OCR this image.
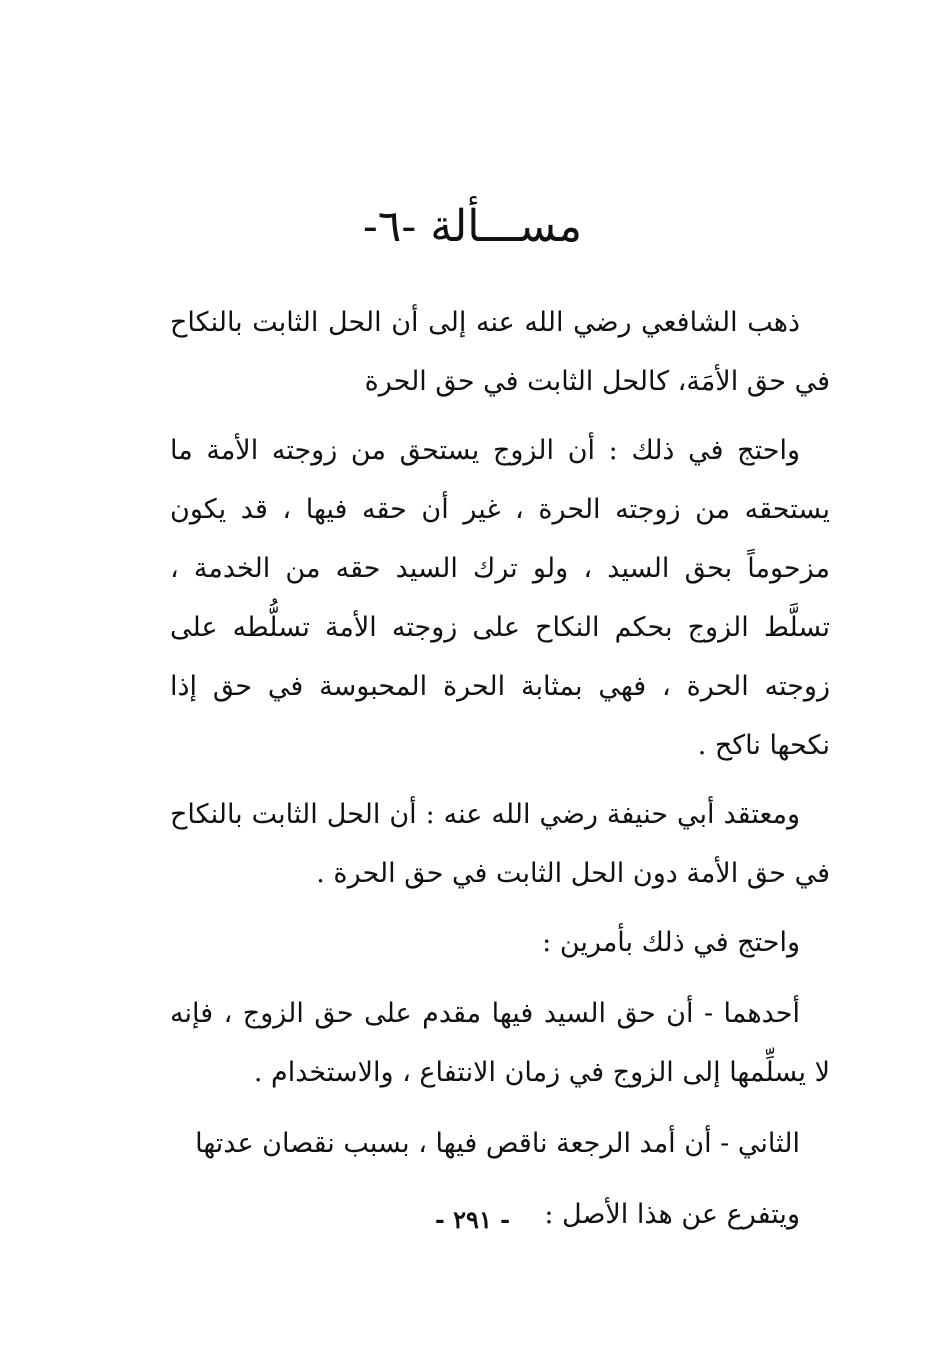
مســـألة -٦-

ذهب الشافعي رضي الله عنه إلى أن الحل الثابت بالنكاح في حق الأمَة، كالحل الثابت في حق الحرة

واحتج في ذلك : أن الزوج يستحق من زوجته الأمة ما يستحقه من زوجته الحرة ، غير أن حقه فيها ، قد يكون مزحوماً بحق السيد ، ولو ترك السيد حقه من الخدمة ، تسلَّط الزوج بحكم النكاح على زوجته الأمة تسلُّطه على زوجته الحرة ، فهي بمثابة الحرة المحبوسة في حق إذا نكحها ناكح .

ومعتقد أبي حنيفة رضي الله عنه : أن الحل الثابت بالنكاح في حق الأمة دون الحل الثابت في حق الحرة .

واحتج في ذلك بأمرين :

أحدهما - أن حق السيد فيها مقدم على حق الزوج ، فإنه لا يسلِّمها إلى الزوج في زمان الانتفاع ، والاستخدام .

الثاني - أن أمد الرجعة ناقص فيها ، بسبب نقصان عدتها

ويتفرع عن هذا الأصل :

- ٢٩١ -
